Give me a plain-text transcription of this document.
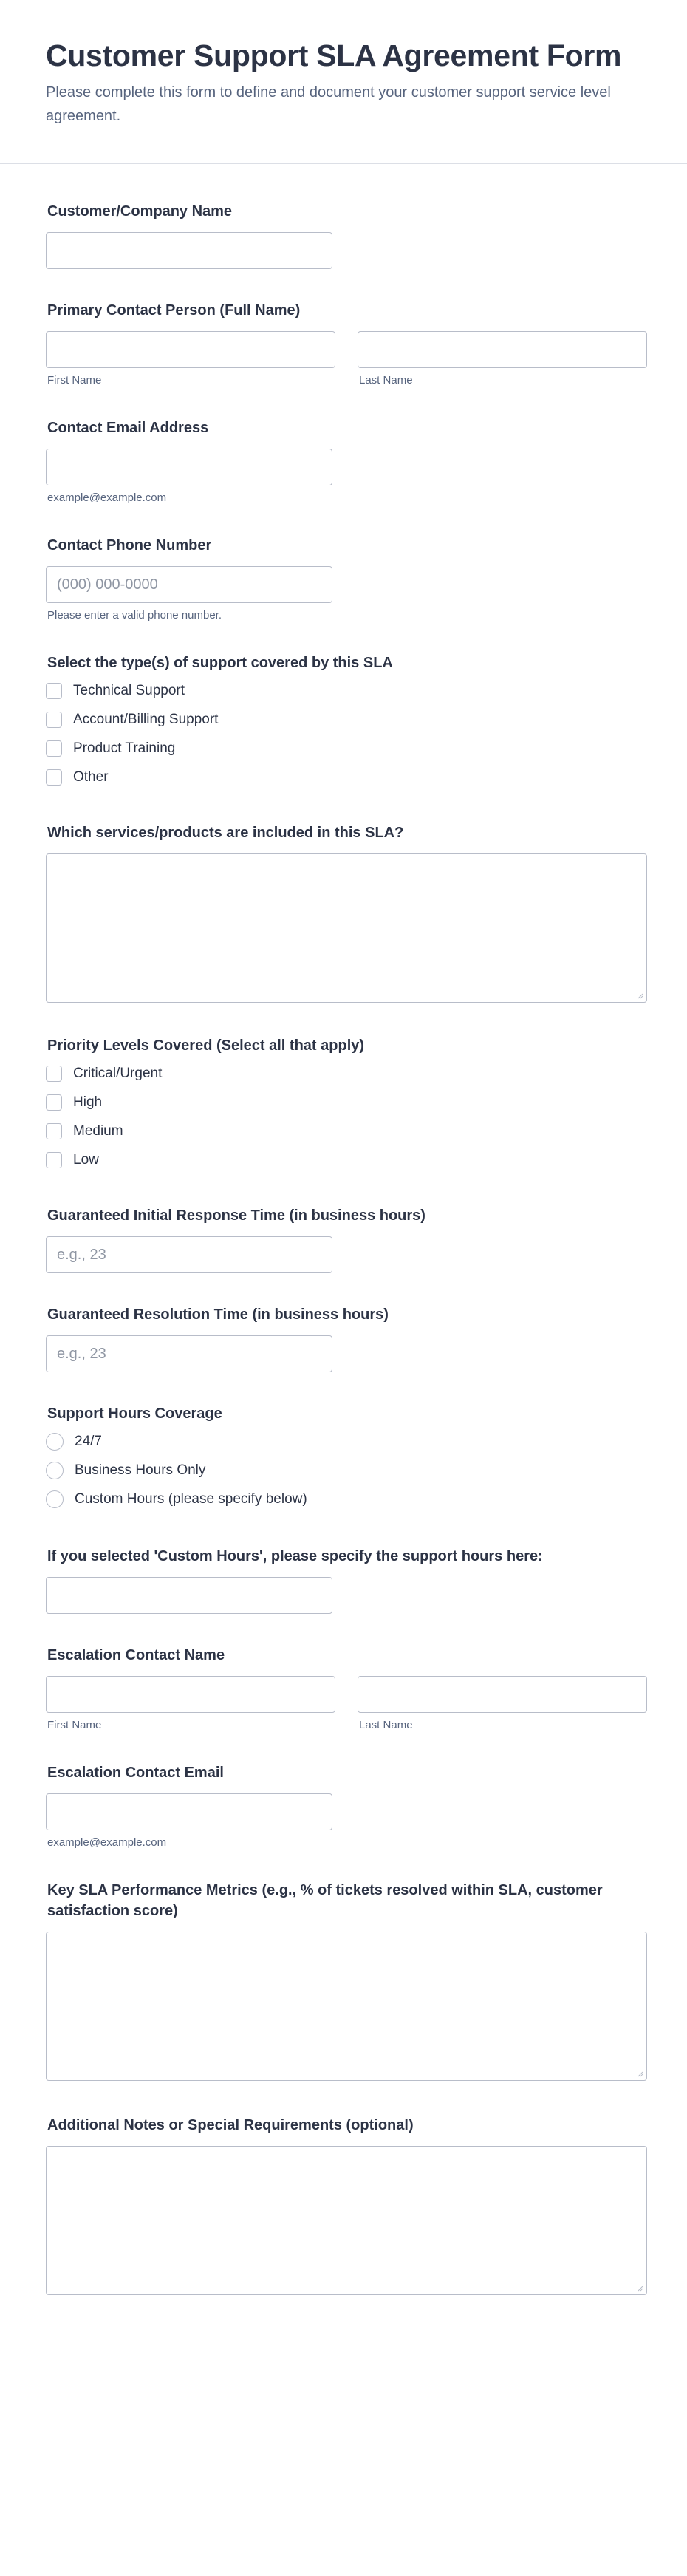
Customer Support SLA Agreement Form

Please complete this form to define and document your customer support service level agreement.

Customer/Company Name
Primary Contact Person (Full Name)
First Name	Last Name
Contact Email Address
example@example.com
Contact Phone Number
(000) 000-0000
Please enter a valid phone number.
Select the type(s) of support covered by this SLA
Technical Support
Account/Billing Support
Product Training
Other
Which services/products are included in this SLA?
Priority Levels Covered (Select all that apply)
Critical/Urgent
High
Medium
Low
Guaranteed Initial Response Time (in business hours)
e.g., 23
Guaranteed Resolution Time (in business hours)
e.g., 23
Support Hours Coverage
24/7
Business Hours Only
Custom Hours (please specify below)
If you selected 'Custom Hours', please specify the support hours here:
Escalation Contact Name
First Name	Last Name
Escalation Contact Email
example@example.com
Key SLA Performance Metrics (e.g., % of tickets resolved within SLA, customer satisfaction score)
Additional Notes or Special Requirements (optional)
